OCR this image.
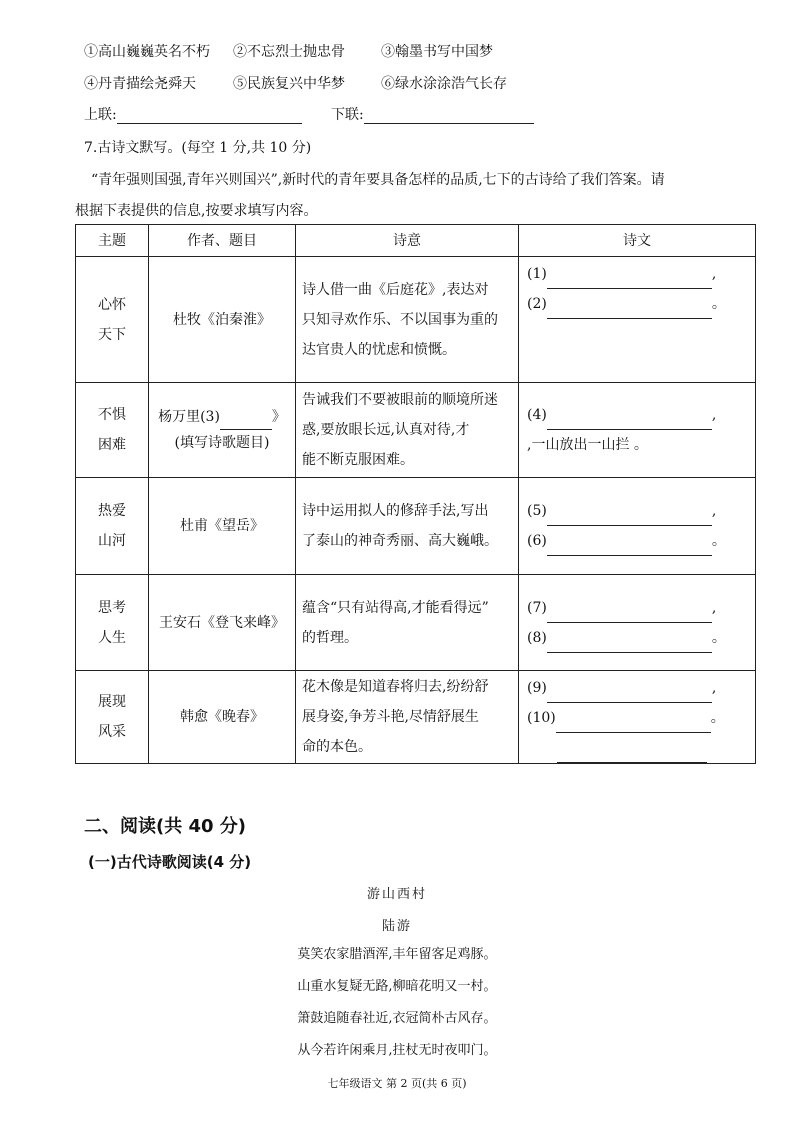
①高山巍巍英名不朽 ②不忘烈士抛忠骨	③翰墨书写中国梦
④丹青描绘尧舜天	⑤民族复兴中华梦	⑥绿水涂涂浩气长存
上联:	下联:
7.古诗文默写。(每空 1 分,共 10 分)
“青年强则国强,青年兴则国兴”,新时代的青年要具备怎样的品质,七下的古诗给了我们答案。请
根据下表提供的信息,按要求填写内容。
主题	作者、题目	诗意	诗文

心怀
天下	杜牧《泊秦淮》	诗人借一曲《后庭花》,表达对
只知寻欢作乐、不以国事为重的
达官贵人的忧虑和愤慨。	(1) ,
(2) 。

不惧
困难	杨万里(3) 》
(填写诗歌题目)	告诫我们不要被眼前的顺境所迷
惑,要放眼长远,认真对待,才
能不断克服困难。	(4) ,
,一山放出一山拦 。

热爱
山河	杜甫《望岳》	诗中运用拟人的修辞手法,写出
了泰山的神奇秀丽、高大巍峨。	(5) ,
(6) 。

思考
人生	王安石《登飞来峰》	蕴含“只有站得高,才能看得远”
的哲理。	(7) ,
(8) 。

展现
风采	韩愈《晚春》	花木像是知道春将归去,纷纷舒
展身姿,争芳斗艳,尽情舒展生
命的本色。	(9) ,
(10) 。
二、阅读(共 40 分)
(一)古代诗歌阅读(4 分)
游山西村
陆游
莫笑农家腊酒浑,丰年留客足鸡豚。
山重水复疑无路,柳暗花明又一村。
箫鼓追随春社近,衣冠简朴古风存。
从今若许闲乘月,拄杖无时夜叩门。
七年级语文 第 2 页(共 6 页)
